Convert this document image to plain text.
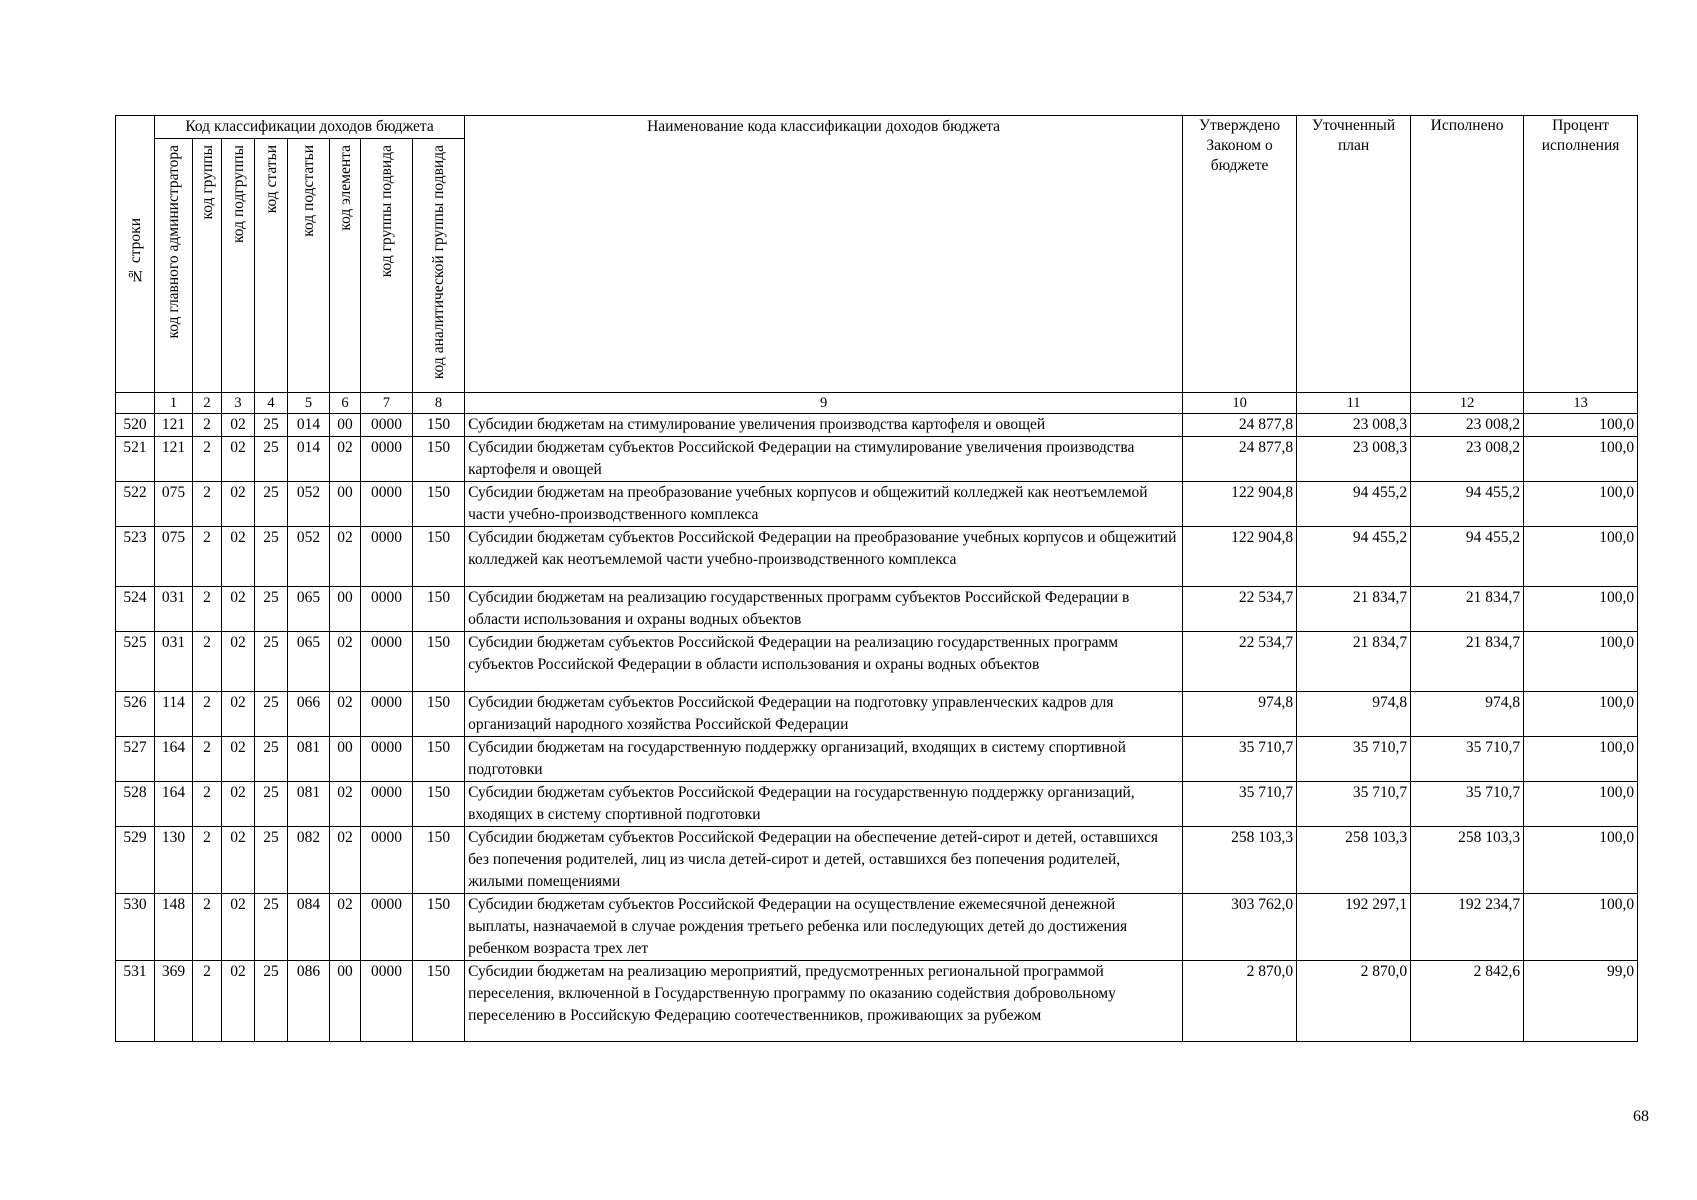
№ строки	Код классификации доходов бюджета								Наименование кода классификации доходов бюджета	Утверждено Законом о бюджете	Уточненный план	Исполнено	Процент исполнения
	код главного администратора	код группы	код подгруппы	код статьи	код подстатьи	код элемента	код группы подвида	код аналитической группы подвида					
	1	2	3	4	5	6	7	8	9	10	11	12	13
520	121	2	02	25	014	00	0000	150	Субсидии бюджетам на стимулирование увеличения производства картофеля и овощей	24 877,8	23 008,3	23 008,2	100,0
521	121	2	02	25	014	02	0000	150	Субсидии бюджетам субъектов Российской Федерации на стимулирование увеличения производства картофеля и овощей	24 877,8	23 008,3	23 008,2	100,0
522	075	2	02	25	052	00	0000	150	Субсидии бюджетам на преобразование учебных корпусов и общежитий колледжей как неотъемлемой части учебно-производственного комплекса	122 904,8	94 455,2	94 455,2	100,0
523	075	2	02	25	052	02	0000	150	Субсидии бюджетам субъектов Российской Федерации на преобразование учебных корпусов и общежитий колледжей как неотъемлемой части учебно-производственного комплекса	122 904,8	94 455,2	94 455,2	100,0
524	031	2	02	25	065	00	0000	150	Субсидии бюджетам на реализацию государственных программ субъектов Российской Федерации в области использования и охраны водных объектов	22 534,7	21 834,7	21 834,7	100,0
525	031	2	02	25	065	02	0000	150	Субсидии бюджетам субъектов Российской Федерации на реализацию государственных программ субъектов Российской Федерации в области использования и охраны водных объектов	22 534,7	21 834,7	21 834,7	100,0
526	114	2	02	25	066	02	0000	150	Субсидии бюджетам субъектов Российской Федерации на подготовку управленческих кадров для организаций народного хозяйства Российской Федерации	974,8	974,8	974,8	100,0
527	164	2	02	25	081	00	0000	150	Субсидии бюджетам на государственную поддержку организаций, входящих в систему спортивной подготовки	35 710,7	35 710,7	35 710,7	100,0
528	164	2	02	25	081	02	0000	150	Субсидии бюджетам субъектов Российской Федерации на государственную поддержку организаций, входящих в систему спортивной подготовки	35 710,7	35 710,7	35 710,7	100,0
529	130	2	02	25	082	02	0000	150	Субсидии бюджетам субъектов Российской Федерации на обеспечение детей-сирот и детей, оставшихся без попечения родителей, лиц из числа детей-сирот и детей, оставшихся без попечения родителей, жилыми помещениями	258 103,3	258 103,3	258 103,3	100,0
530	148	2	02	25	084	02	0000	150	Субсидии бюджетам субъектов Российской Федерации на осуществление ежемесячной денежной выплаты, назначаемой в случае рождения третьего ребенка или последующих детей до достижения ребенком возраста трех лет	303 762,0	192 297,1	192 234,7	100,0
531	369	2	02	25	086	00	0000	150	Субсидии бюджетам на реализацию мероприятий, предусмотренных региональной программой переселения, включенной в Государственную программу по оказанию содействия добровольному переселению в Российскую Федерацию соотечественников, проживающих за рубежом	2 870,0	2 870,0	2 842,6	99,0
68
